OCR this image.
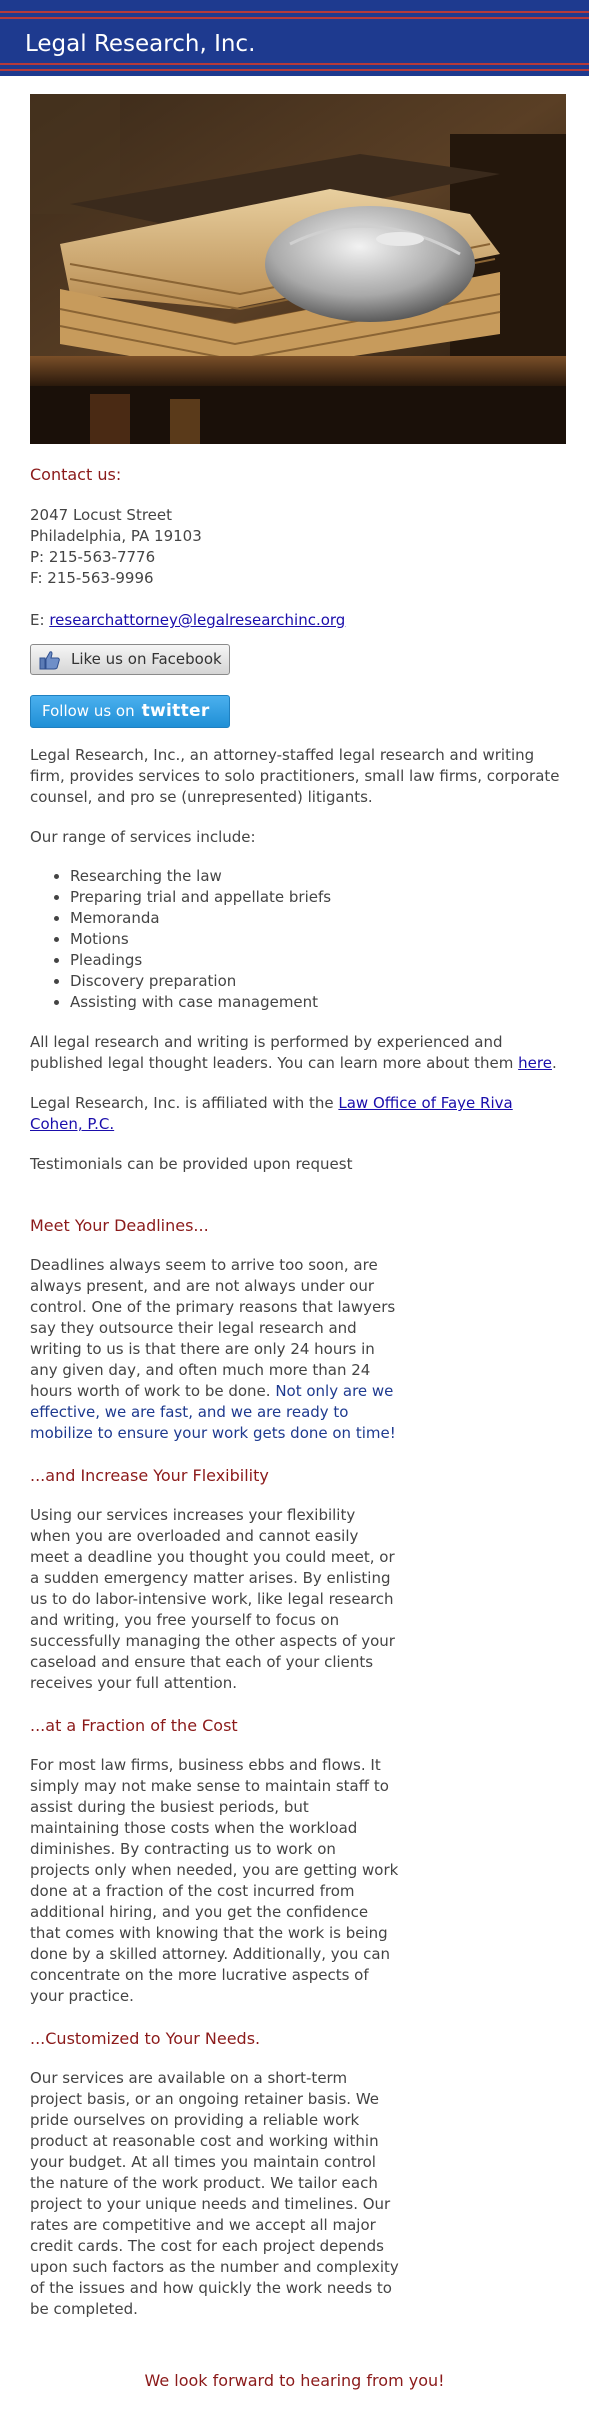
Legal Research, Inc.
Contact us:

2047 Locust Street

Philadelphia, PA 19103

P: 215-563-7776

F: 215-563-9996

E: researchattorney@legalresearchinc.org

Like us on Facebook
Follow us on twitter

Legal Research, Inc., an attorney-staffed legal research and writing firm, provides services to solo practitioners, small law firms, corporate counsel, and pro se (unrepresented) litigants.

Our range of services include:

• Researching the law
• Preparing trial and appellate briefs
• Memoranda
• Motions
• Pleadings
• Discovery preparation
• Assisting with case management

All legal research and writing is performed by experienced and published legal thought leaders. You can learn more about them here.

Legal Research, Inc. is affiliated with the Law Office of Faye Riva Cohen, P.C.

Testimonials can be provided upon request

Meet Your Deadlines...

Deadlines always seem to arrive too soon, are always present, and are not always under our control. One of the primary reasons that lawyers say they outsource their legal research and writing to us is that there are only 24 hours in any given day, and often much more than 24 hours worth of work to be done. Not only are we effective, we are fast, and we are ready to mobilize to ensure your work gets done on time!

...and Increase Your Flexibility

Using our services increases your flexibility when you are overloaded and cannot easily meet a deadline you thought you could meet, or a sudden emergency matter arises. By enlisting us to do labor-intensive work, like legal research and writing, you free yourself to focus on successfully managing the other aspects of your caseload and ensure that each of your clients receives your full attention.

...at a Fraction of the Cost

For most law firms, business ebbs and flows. It simply may not make sense to maintain staff to assist during the busiest periods, but maintaining those costs when the workload diminishes. By contracting us to work on projects only when needed, you are getting work done at a fraction of the cost incurred from additional hiring, and you get the confidence that comes with knowing that the work is being done by a skilled attorney. Additionally, you can concentrate on the more lucrative aspects of your practice.

...Customized to Your Needs.

Our services are available on a short-term project basis, or an ongoing retainer basis. We pride ourselves on providing a reliable work product at reasonable cost and working within your budget. At all times you maintain control the nature of the work product. We tailor each project to your unique needs and timelines. Our rates are competitive and we accept all major credit cards. The cost for each project depends upon such factors as the number and complexity of the issues and how quickly the work needs to be completed.

We look forward to hearing from you!
